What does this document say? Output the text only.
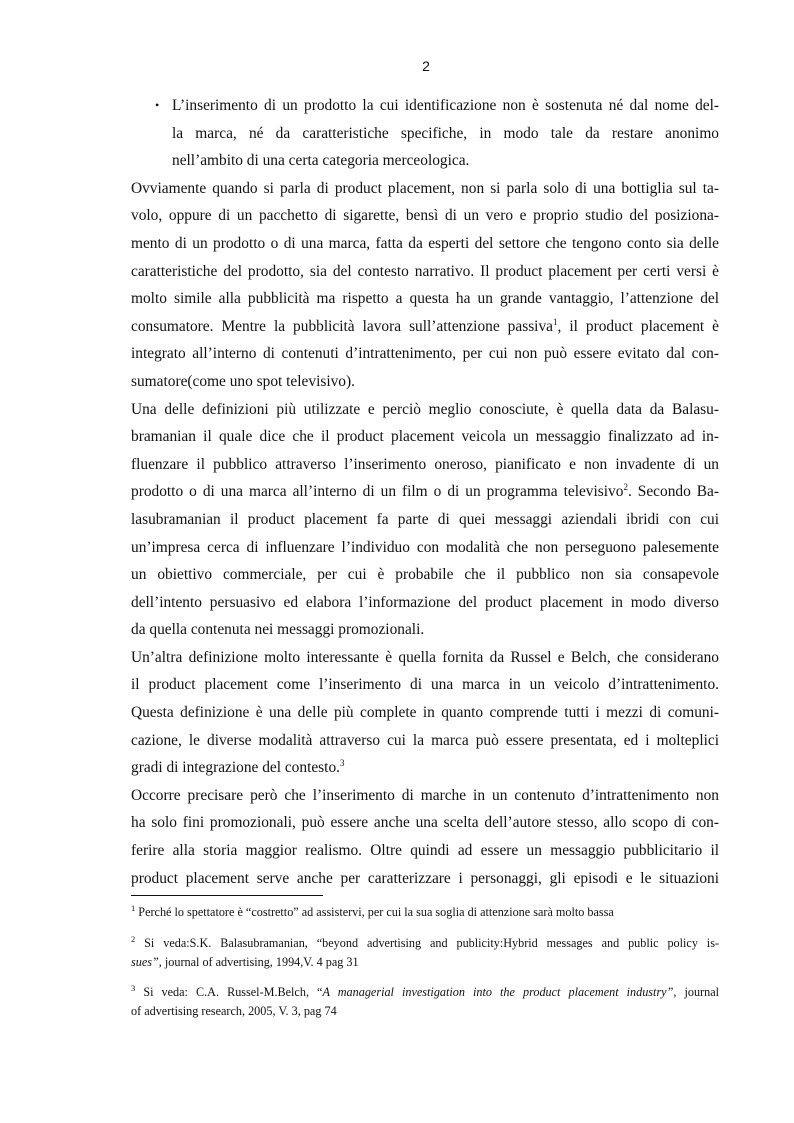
2
• L’inserimento di un prodotto la cui identificazione non è sostenuta né dal nome del-
la marca, né da caratteristiche specifiche, in modo tale da restare anonimo
nell’ambito di una certa categoria merceologica.
Ovviamente quando si parla di product placement, non si parla solo di una bottiglia sul ta-
volo, oppure di un pacchetto di sigarette, bensì di un vero e proprio studio del posiziona-
mento di un prodotto o di una marca, fatta da esperti del settore che tengono conto sia delle
caratteristiche del prodotto, sia del contesto narrativo. Il product placement per certi versi è
molto simile alla pubblicità ma rispetto a questa ha un grande vantaggio, l’attenzione del
consumatore. Mentre la pubblicità lavora sull’attenzione passiva$^1$, il product placement è
integrato all’interno di contenuti d’intrattenimento, per cui non può essere evitato dal con-
sumatore(come uno spot televisivo).
Una delle definizioni più utilizzate e perciò meglio conosciute, è quella data da Balasu-
bramanian il quale dice che il product placement veicola un messaggio finalizzato ad in-
fluenzare il pubblico attraverso l’inserimento oneroso, pianificato e non invadente di un
prodotto o di una marca all’interno di un film o di un programma televisivo$^2$. Secondo Ba-
lasubramanian il product placement fa parte di quei messaggi aziendali ibridi con cui
un’impresa cerca di influenzare l’individuo con modalità che non perseguono palesemente
un obiettivo commerciale, per cui è probabile che il pubblico non sia consapevole
dell’intento persuasivo ed elabora l’informazione del product placement in modo diverso
da quella contenuta nei messaggi promozionali.
Un’altra definizione molto interessante è quella fornita da Russel e Belch, che considerano
il product placement come l’inserimento di una marca in un veicolo d’intrattenimento.
Questa definizione è una delle più complete in quanto comprende tutti i mezzi di comuni-
cazione, le diverse modalità attraverso cui la marca può essere presentata, ed i molteplici
gradi di integrazione del contesto.$^3$
Occorre precisare però che l’inserimento di marche in un contenuto d’intrattenimento non
ha solo fini promozionali, può essere anche una scelta dell’autore stesso, allo scopo di con-
ferire alla storia maggior realismo. Oltre quindi ad essere un messaggio pubblicitario il
product placement serve anche per caratterizzare i personaggi, gli episodi e le situazioni
$^1$ Perché lo spettatore è “costretto” ad assistervi, per cui la sua soglia di attenzione sarà molto bassa
$^2$ Si veda:S.K. Balasubramanian, “beyond advertising and publicity:Hybrid messages and public policy is-
sues”, journal of advertising, 1994,V. 4 pag 31
$^3$ Si veda: C.A. Russel-M.Belch, “A managerial investigation into the product placement industry”, journal
of advertising research, 2005, V. 3, pag 74
